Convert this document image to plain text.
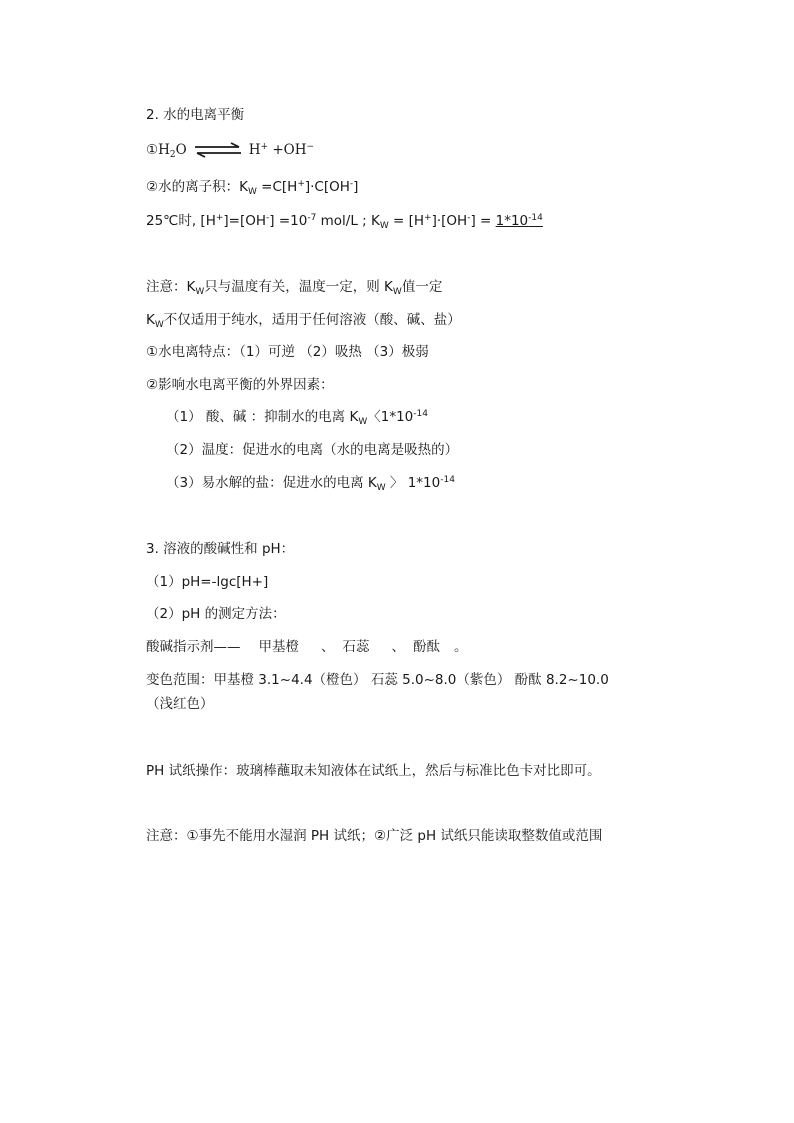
2. 水的电离平衡
$①H_2O$ ⇌ H+ +OH−
②水的离子积：$K_W =C[H^+]\cdot C[OH^-]$
25℃时, $[H^+]=[OH^-] =10^{-7}$ mol/L ; $K_W = [H^+]\cdot[OH^-] = 1*10^{-14}$
注意：$K_W$只与温度有关，温度一定，则 $K_W$值一定
$K_W$不仅适用于纯水，适用于任何溶液（酸、碱、盐）
①水电离特点：（1）可逆 （2）吸热 （3）极弱
②影响水电离平衡的外界因素：
（1） 酸、碱 ：抑制水的电离 $K_W$〈$1*10^{-14}$
（2）温度：促进水的电离（水的电离是吸热的）
（3）易水解的盐：促进水的电离 $K_W$ 〉 $1*10^{-14}$
3. 溶液的酸碱性和 pH：
（1）pH=-lgc[H+]
（2）pH 的测定方法：
酸碱指示剂—— 甲基橙 、 石蕊 、 酚酞 。
变色范围：甲基橙 3.1~4.4（橙色） 石蕊 5.0~8.0（紫色） 酚酞 8.2~10.0
（浅红色）
PH 试纸操作：玻璃棒蘸取未知液体在试纸上，然后与标准比色卡对比即可。
注意：①事先不能用水湿润 PH 试纸；②广泛 pH 试纸只能读取整数值或范围
